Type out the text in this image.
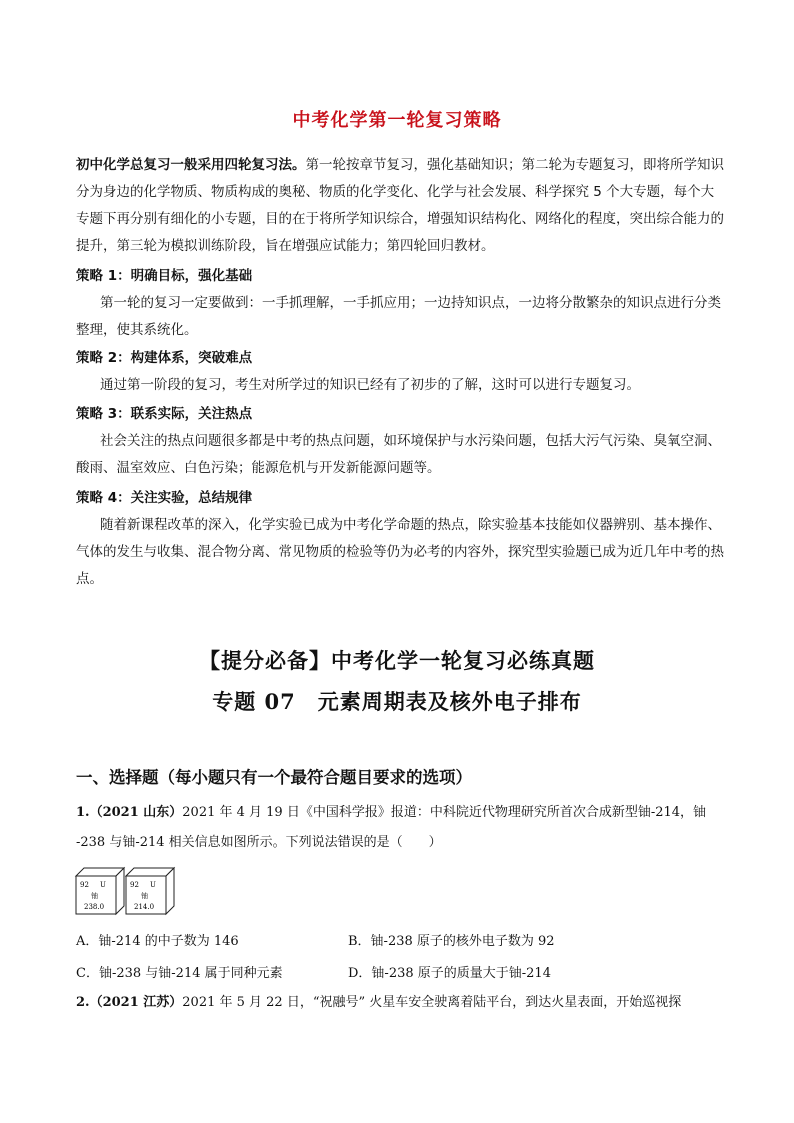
中考化学第一轮复习策略
初中化学总复习一般采用四轮复习法。第一轮按章节复习，强化基础知识；第二轮为专题复习，即将所学知识分为身边的化学物质、物质构成的奥秘、物质的化学变化、化学与社会发展、科学探究 5 个大专题，每个大专题下再分别有细化的小专题，目的在于将所学知识综合，增强知识结构化、网络化的程度，突出综合能力的提升，第三轮为模拟训练阶段，旨在增强应试能力；第四轮回归教材。
策略 1：明确目标，强化基础
第一轮的复习一定要做到：一手抓理解，一手抓应用；一边持知识点，一边将分散繁杂的知识点进行分类整理，使其系统化。
策略 2：构建体系，突破难点
通过第一阶段的复习，考生对所学过的知识已经有了初步的了解，这时可以进行专题复习。
策略 3：联系实际，关注热点
社会关注的热点问题很多都是中考的热点问题，如环境保护与水污染问题，包括大污气污染、臭氧空洞、酸雨、温室效应、白色污染；能源危机与开发新能源问题等。
策略 4：关注实验，总结规律
随着新课程改革的深入，化学实验已成为中考化学命题的热点，除实验基本技能如仪器辨别、基本操作、气体的发生与收集、混合物分离、常见物质的检验等仍为必考的内容外，探究型实验题已成为近几年中考的热点。
【提分必备】中考化学一轮复习必练真题
专题 07　元素周期表及核外电子排布
一、选择题（每小题只有一个最符合题目要求的选项）
1.（2021 山东）2021 年 4 月 19 日《中国科学报》报道：中科院近代物理研究所首次合成新型铀-214，铀
-238 与铀-214 相关信息如图所示。下列说法错误的是（　　）
92 U
铀
238.0
92 U
铀
214.0
A．铀-214 的中子数为 146	B．铀-238 原子的核外电子数为 92
C．铀-238 与铀-214 属于同种元素	D．铀-238 原子的质量大于铀-214
2.（2021 江苏）2021 年 5 月 22 日，“祝融号” 火星车安全驶离着陆平台，到达火星表面，开始巡视探
